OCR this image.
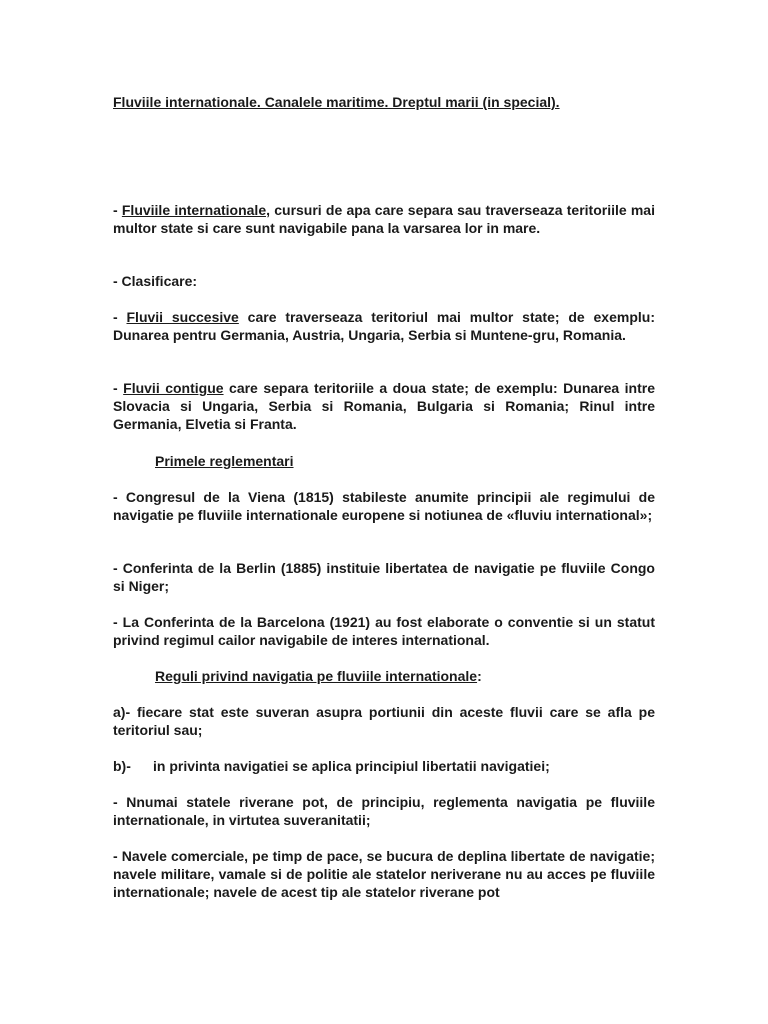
Fluviile internationale. Canalele maritime. Dreptul marii (in special).
- Fluviile internationale, cursuri de apa care separa sau traverseaza teritoriile mai multor state si care sunt navigabile pana la varsarea lor in mare.
- Clasificare:
- Fluvii succesive care traverseaza teritoriul mai multor state; de exemplu: Dunarea pentru Germania, Austria, Ungaria, Serbia si Muntene-gru, Romania.
- Fluvii contigue care separa teritoriile a doua state; de exemplu: Dunarea intre Slovacia si Ungaria, Serbia si Romania, Bulgaria si Romania; Rinul intre Germania, Elvetia si Franta.
Primele reglementari
- Congresul de la Viena (1815) stabileste anumite principii ale regimului de navigatie pe fluviile internationale europene si notiunea de «fluviu international»;
- Conferinta de la Berlin (1885) instituie libertatea de navigatie pe fluviile Congo si Niger;
- La Conferinta de la Barcelona (1921) au fost elaborate o conventie si un statut privind regimul cailor navigabile de interes international.
Reguli privind navigatia pe fluviile internationale:
a)- fiecare stat este suveran asupra portiunii din aceste fluvii care se afla pe teritoriul sau;
b)- in privinta navigatiei se aplica principiul libertatii navigatiei;
- Nnumai statele riverane pot, de principiu, reglementa navigatia pe fluviile internationale, in virtutea suveranitatii;
- Navele comerciale, pe timp de pace, se bucura de deplina libertate de navigatie; navele militare, vamale si de politie ale statelor neriverane nu au acces pe fluviile internationale; navele de acest tip ale statelor riverane pot
